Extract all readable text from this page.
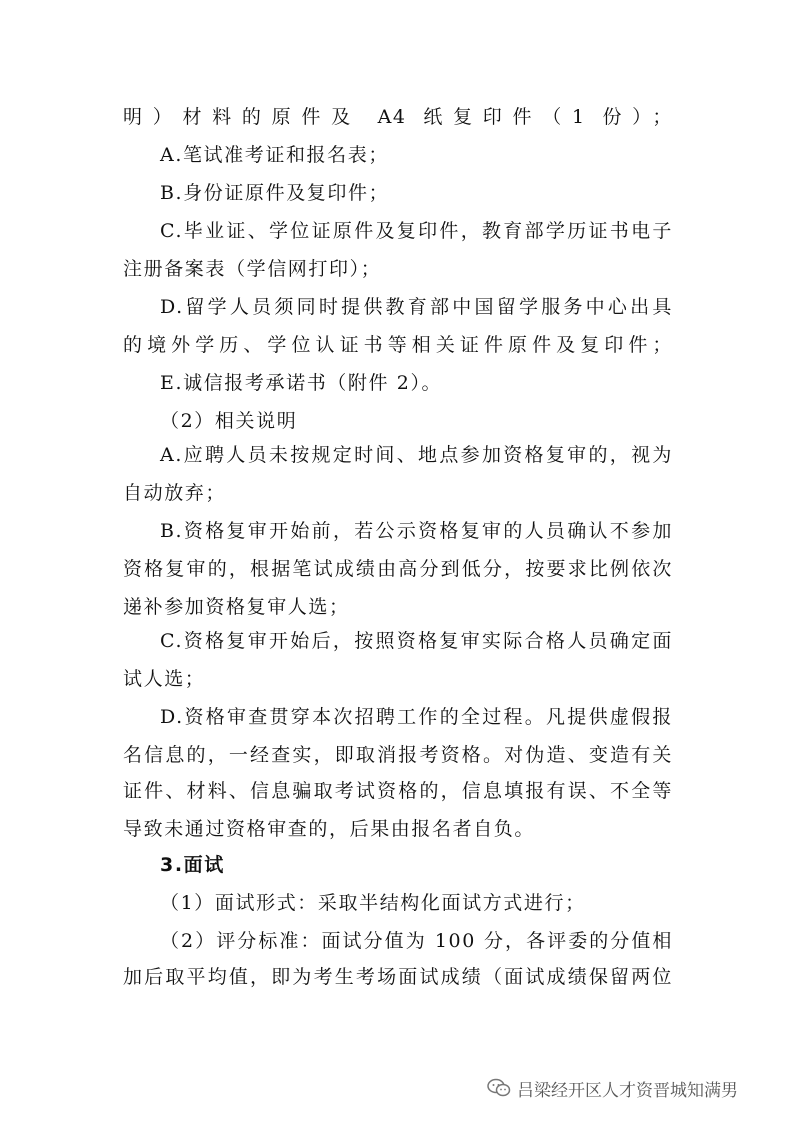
明）材料的原件及 A4 纸复印件（1 份）；
A.笔试准考证和报名表；
B.身份证原件及复印件；
C.毕业证、学位证原件及复印件，教育部学历证书电子
注册备案表（学信网打印）；
D.留学人员须同时提供教育部中国留学服务中心出具
的境外学历、学位认证书等相关证件原件及复印件；
E.诚信报考承诺书（附件 2）。
（2）相关说明
A.应聘人员未按规定时间、地点参加资格复审的，视为
自动放弃；
B.资格复审开始前，若公示资格复审的人员确认不参加
资格复审的，根据笔试成绩由高分到低分，按要求比例依次
递补参加资格复审人选；
C.资格复审开始后，按照资格复审实际合格人员确定面
试人选；
D.资格审查贯穿本次招聘工作的全过程。凡提供虚假报
名信息的，一经查实，即取消报考资格。对伪造、变造有关
证件、材料、信息骗取考试资格的，信息填报有误、不全等
导致未通过资格审查的，后果由报名者自负。
3.面试
（1）面试形式：采取半结构化面试方式进行；
（2）评分标准：面试分值为 100 分，各评委的分值相
加后取平均值，即为考生考场面试成绩（面试成绩保留两位
吕梁经开区人才资晋城知满男
